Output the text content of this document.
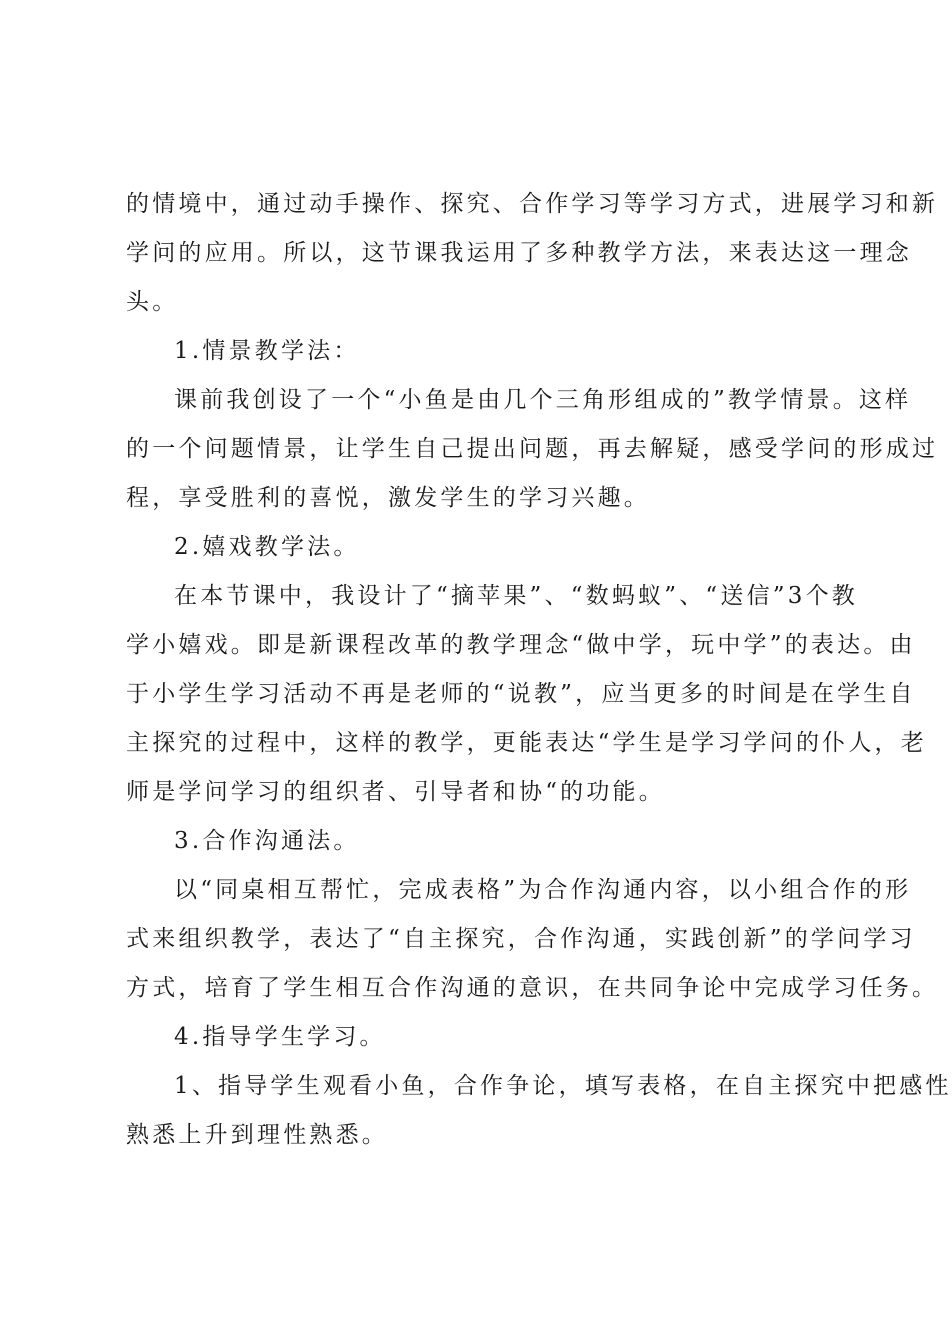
的情境中，通过动手操作、探究、合作学习等学习方式，进展学习和新
学问的应用。所以，这节课我运用了多种教学方法，来表达这一理念
头。
1.情景教学法：
课前我创设了一个“小鱼是由几个三角形组成的”教学情景。这样
的一个问题情景，让学生自己提出问题，再去解疑，感受学问的形成过
程，享受胜利的喜悦，激发学生的学习兴趣。
2.嬉戏教学法。
在本节课中，我设计了“摘苹果”、“数蚂蚁”、“送信”3个教
学小嬉戏。即是新课程改革的教学理念“做中学，玩中学”的表达。由
于小学生学习活动不再是老师的“说教”，应当更多的时间是在学生自
主探究的过程中，这样的教学，更能表达“学生是学习学问的仆人，老
师是学问学习的组织者、引导者和协“的功能。
3.合作沟通法。
以“同桌相互帮忙，完成表格”为合作沟通内容，以小组合作的形
式来组织教学，表达了“自主探究，合作沟通，实践创新”的学问学习
方式，培育了学生相互合作沟通的意识，在共同争论中完成学习任务。
4.指导学生学习。
1、指导学生观看小鱼，合作争论，填写表格，在自主探究中把感性
熟悉上升到理性熟悉。
